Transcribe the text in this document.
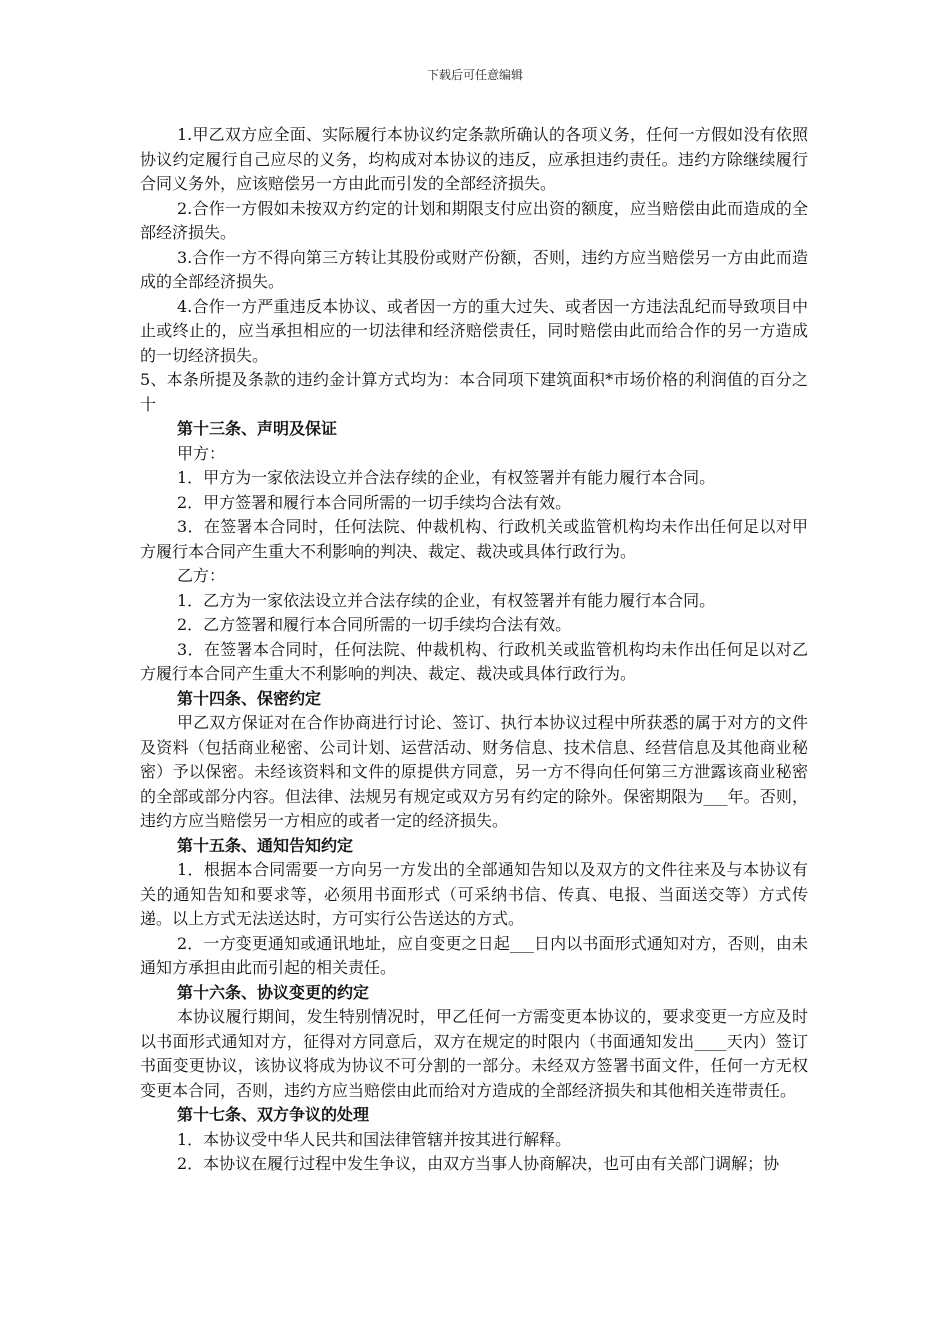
下载后可任意编辑

1.甲乙双方应全面、实际履行本协议约定条款所确认的各项义务，任何一方假如没有依照协议约定履行自己应尽的义务，均构成对本协议的违反，应承担违约责任。违约方除继续履行合同义务外，应该赔偿另一方由此而引发的全部经济损失。

2.合作一方假如未按双方约定的计划和期限支付应出资的额度，应当赔偿由此而造成的全部经济损失。

3.合作一方不得向第三方转让其股份或财产份额，否则，违约方应当赔偿另一方由此而造成的全部经济损失。

4.合作一方严重违反本协议、或者因一方的重大过失、或者因一方违法乱纪而导致项目中止或终止的，应当承担相应的一切法律和经济赔偿责任，同时赔偿由此而给合作的另一方造成的一切经济损失。

5、本条所提及条款的违约金计算方式均为：本合同项下建筑面积*市场价格的利润值的百分之十

第十三条、声明及保证

甲方：

1．甲方为一家依法设立并合法存续的企业，有权签署并有能力履行本合同。

2．甲方签署和履行本合同所需的一切手续均合法有效。

3．在签署本合同时，任何法院、仲裁机构、行政机关或监管机构均未作出任何足以对甲方履行本合同产生重大不利影响的判决、裁定、裁决或具体行政行为。

乙方：

1．乙方为一家依法设立并合法存续的企业，有权签署并有能力履行本合同。

2．乙方签署和履行本合同所需的一切手续均合法有效。

3．在签署本合同时，任何法院、仲裁机构、行政机关或监管机构均未作出任何足以对乙方履行本合同产生重大不利影响的判决、裁定、裁决或具体行政行为。

第十四条、保密约定

甲乙双方保证对在合作协商进行讨论、签订、执行本协议过程中所获悉的属于对方的文件及资料（包括商业秘密、公司计划、运营活动、财务信息、技术信息、经营信息及其他商业秘密）予以保密。未经该资料和文件的原提供方同意，另一方不得向任何第三方泄露该商业秘密的全部或部分内容。但法律、法规另有规定或双方另有约定的除外。保密期限为___年。否则，违约方应当赔偿另一方相应的或者一定的经济损失。

第十五条、通知告知约定

1．根据本合同需要一方向另一方发出的全部通知告知以及双方的文件往来及与本协议有关的通知告知和要求等，必须用书面形式（可采纳书信、传真、电报、当面送交等）方式传递。以上方式无法送达时，方可实行公告送达的方式。

2．一方变更通知或通讯地址，应自变更之日起___日内以书面形式通知对方，否则，由未通知方承担由此而引起的相关责任。

第十六条、协议变更的约定

本协议履行期间，发生特别情况时，甲乙任何一方需变更本协议的，要求变更一方应及时以书面形式通知对方，征得对方同意后，双方在规定的时限内（书面通知发出____天内）签订书面变更协议，该协议将成为协议不可分割的一部分。未经双方签署书面文件，任何一方无权变更本合同，否则，违约方应当赔偿由此而给对方造成的全部经济损失和其他相关连带责任。

第十七条、双方争议的处理

1．本协议受中华人民共和国法律管辖并按其进行解释。

2．本协议在履行过程中发生争议，由双方当事人协商解决，也可由有关部门调解；协
